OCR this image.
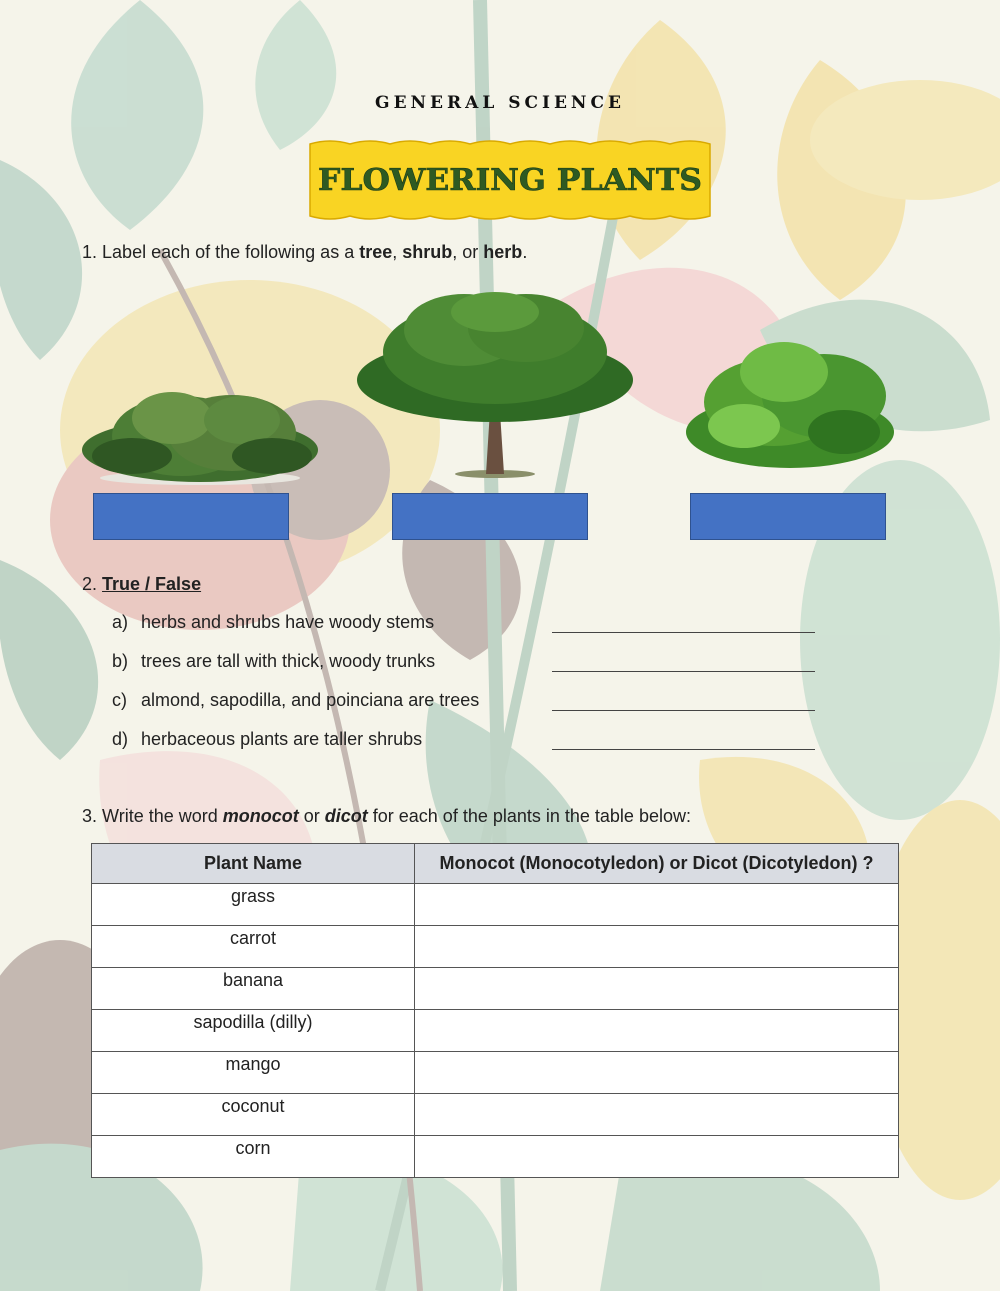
GENERAL SCIENCE
FLOWERING PLANTS
1. Label each of the following as a tree, shrub, or herb.
2. True / False
a) herbs and shrubs have woody stems
b) trees are tall with thick, woody trunks
c) almond, sapodilla, and poinciana are trees
d) herbaceous plants are taller shrubs
3. Write the word monocot or dicot for each of the plants in the table below:
Plant Name	Monocot (Monocotyledon) or Dicot (Dicotyledon) ?
grass	
carrot	
banana	
sapodilla (dilly)	
mango	
coconut	
corn	
